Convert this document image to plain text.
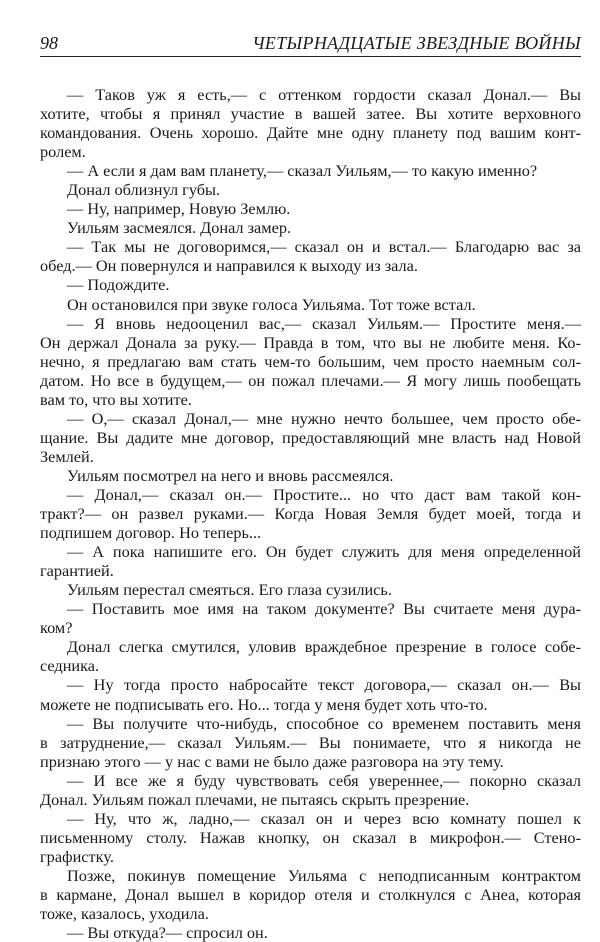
98	ЧЕТЫРНАДЦАТЫЕ ЗВЕЗДНЫЕ ВОЙНЫ
— Таков уж я есть,— с оттенком гордости сказал Донал.— Вы
хотите, чтобы я принял участие в вашей затее. Вы хотите верховного
командования. Очень хорошо. Дайте мне одну планету под вашим конт-
ролем.
— А если я дам вам планету,— сказал Уильям,— то какую именно?
Донал облизнул губы.
— Ну, например, Новую Землю.
Уильям засмеялся. Донал замер.
— Так мы не договоримся,— сказал он и встал.— Благодарю вас за
обед.— Он повернулся и направился к выходу из зала.
— Подождите.
Он остановился при звуке голоса Уильяма. Тот тоже встал.
— Я вновь недооценил вас,— сказал Уильям.— Простите меня.—
Он держал Донала за руку.— Правда в том, что вы не любите меня. Ко-
нечно, я предлагаю вам стать чем-то большим, чем просто наемным сол-
датом. Но все в будущем,— он пожал плечами.— Я могу лишь пообещать
вам то, что вы хотите.
— О,— сказал Донал,— мне нужно нечто большее, чем просто обе-
щание. Вы дадите мне договор, предоставляющий мне власть над Новой
Землей.
Уильям посмотрел на него и вновь рассмеялся.
— Донал,— сказал он.— Простите... но что даст вам такой кон-
тракт?— он развел руками.— Когда Новая Земля будет моей, тогда и
подпишем договор. Но теперь...
— А пока напишите его. Он будет служить для меня определенной
гарантией.
Уильям перестал смеяться. Его глаза сузились.
— Поставить мое имя на таком документе? Вы считаете меня дура-
ком?
Донал слегка смутился, уловив враждебное презрение в голосе собе-
седника.
— Ну тогда просто набросайте текст договора,— сказал он.— Вы
можете не подписывать его. Но... тогда у меня будет хоть что-то.
— Вы получите что-нибудь, способное со временем поставить меня
в затруднение,— сказал Уильям.— Вы понимаете, что я никогда не
признаю этого — у нас с вами не было даже разговора на эту тему.
— И все же я буду чувствовать себя увереннее,— покорно сказал
Донал. Уильям пожал плечами, не пытаясь скрыть презрение.
— Ну, что ж, ладно,— сказал он и через всю комнату пошел к
письменному столу. Нажав кнопку, он сказал в микрофон.— Стено-
графистку.
Позже, покинув помещение Уильяма с неподписанным контрактом
в кармане, Донал вышел в коридор отеля и столкнулся с Анеа, которая
тоже, казалось, уходила.
— Вы откуда?— спросил он.
